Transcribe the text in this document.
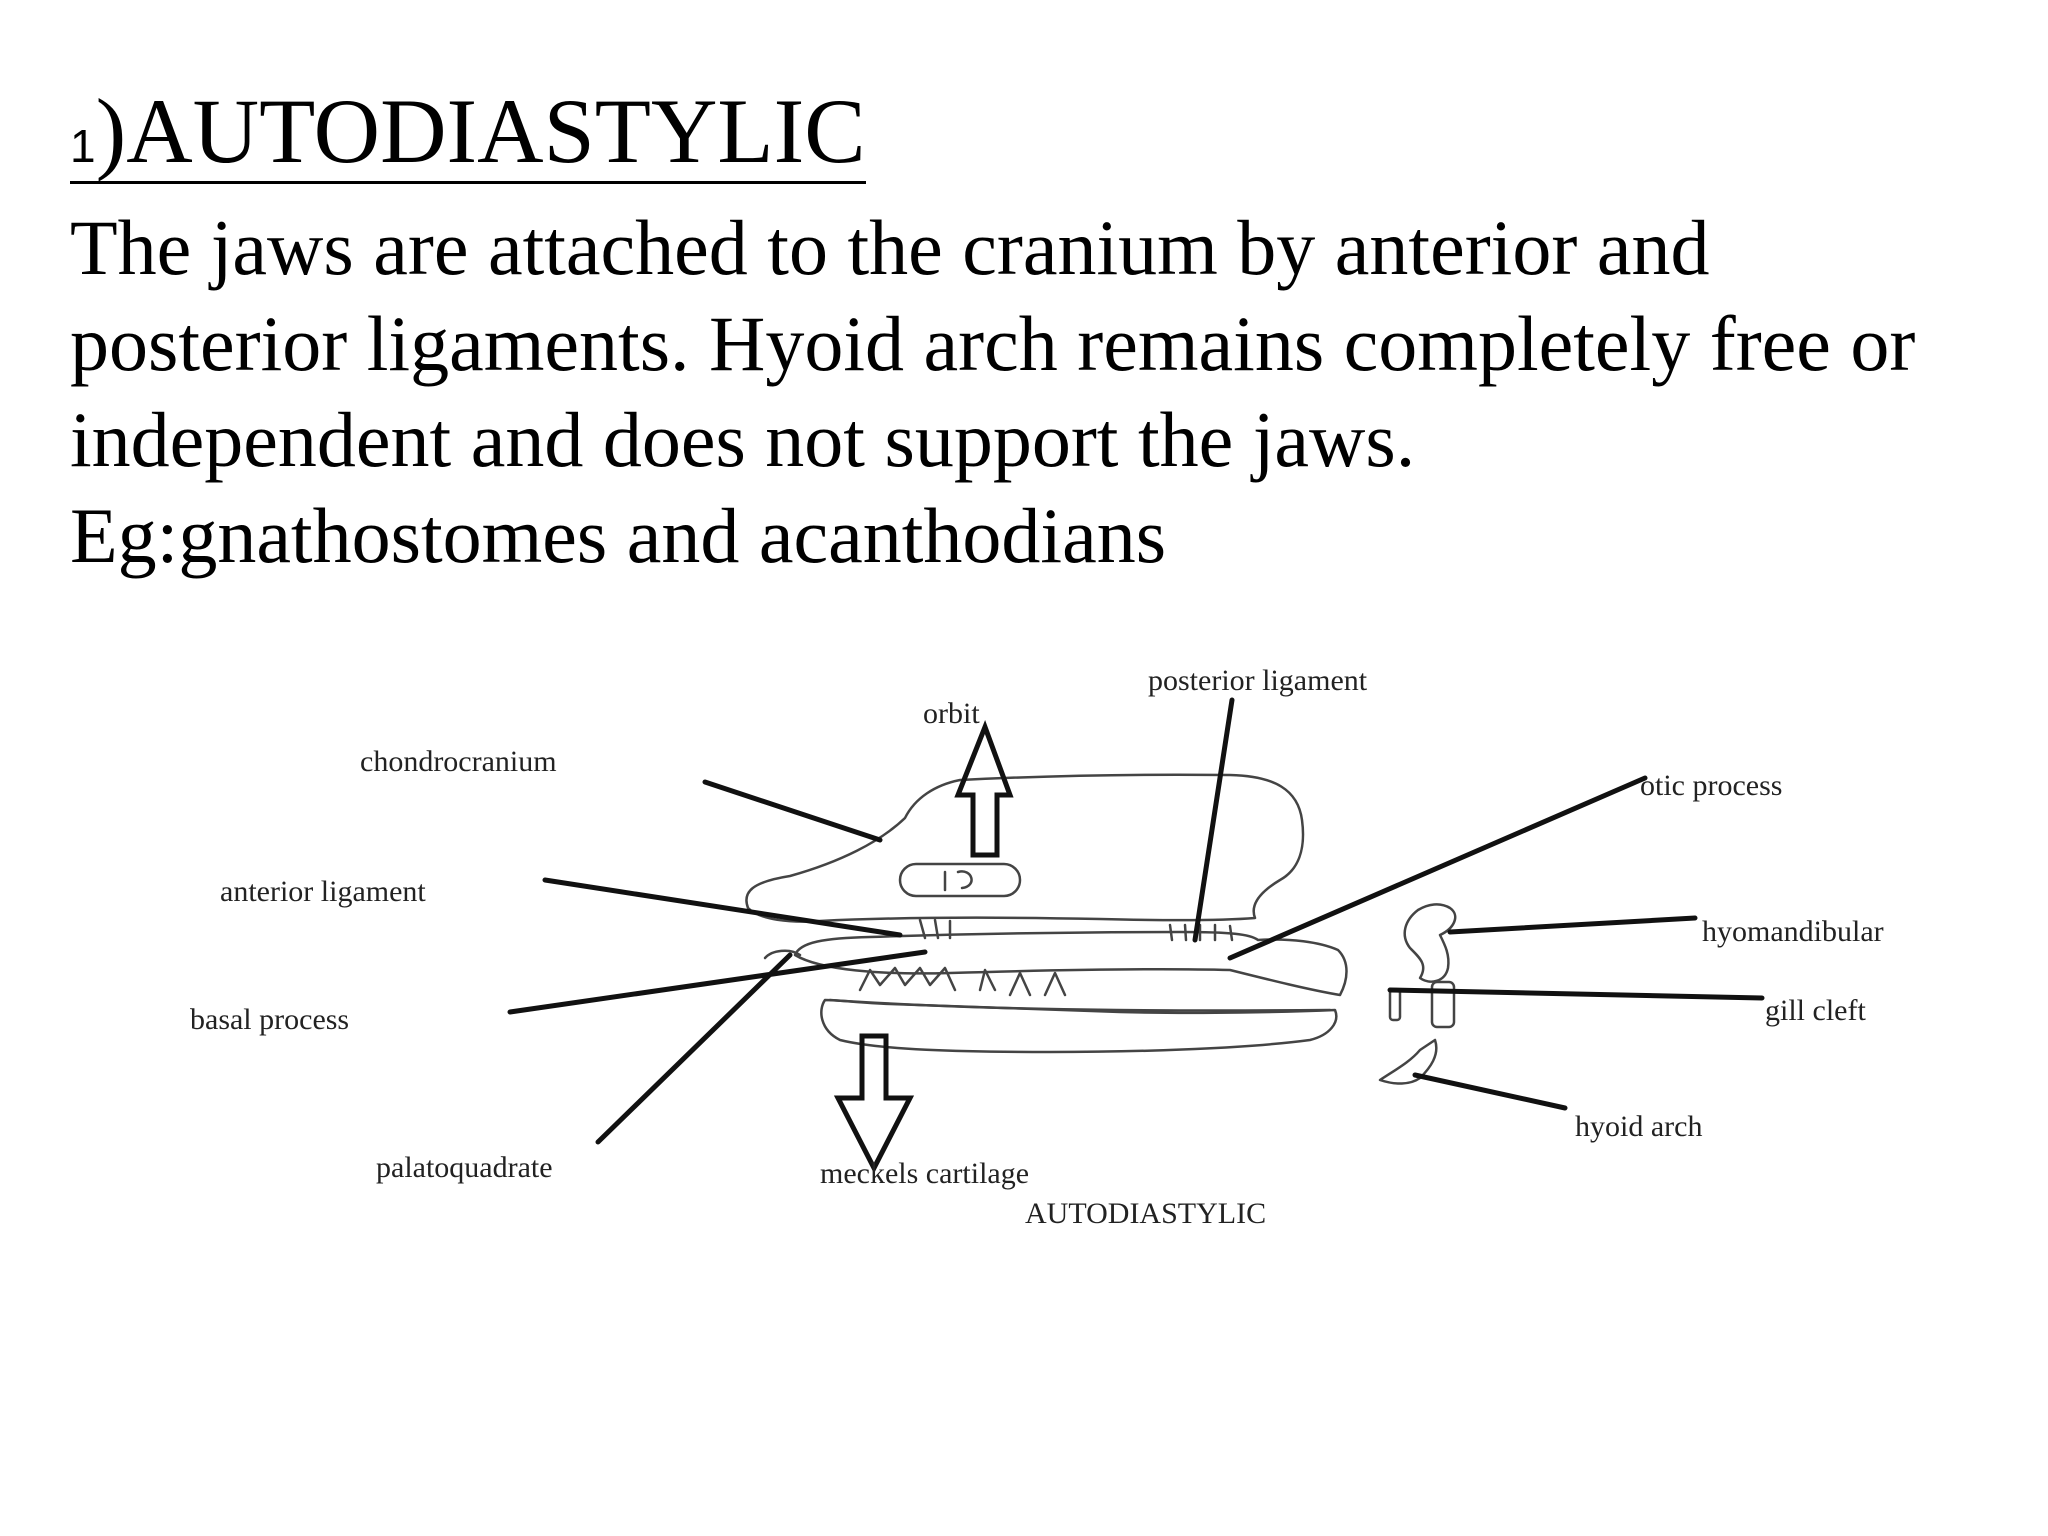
1)AUTODIASTYLIC
The jaws are attached to the cranium by anterior and
posterior ligaments. Hyoid arch remains completely free or
independent and does not support the jaws.
Eg:gnathostomes and acanthodians
posterior ligament
orbit
chondrocranium
otic process
anterior ligament
hyomandibular
basal process	gill cleft
hyoid arch
palatoquadrate	meckels cartilage
AUTODIASTYLIC
